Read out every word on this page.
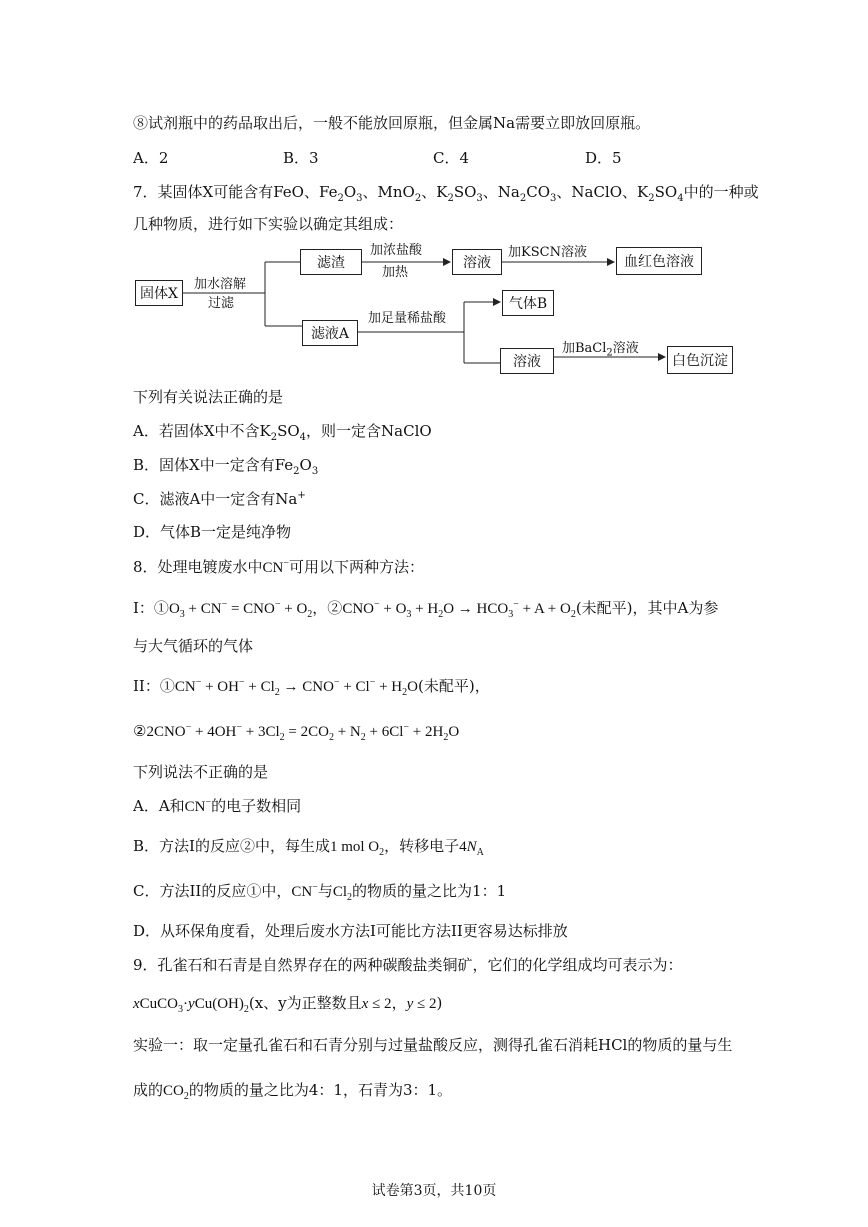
⑧试剂瓶中的药品取出后，一般不能放回原瓶，但金属Na需要立即放回原瓶。
A．2	B．3	C．4	D．5
7．某固体X可能含有FeO、$Fe_2O_3$、MnO$_2$、$K_2SO_3$、$Na_2CO_3$、NaClO、$K_2SO_4$中的一种或
几种物质，进行如下实验以确定其组成：
固体X
加水溶解
过滤
滤渣
加浓盐酸
加热
溶液
加KSCN溶液
血红色溶液
滤液A
加足量稀盐酸
气体B
溶液
加BaCl$_2$溶液
白色沉淀
下列有关说法正确的是
A．若固体X中不含$K_2SO_4$，则一定含NaClO
B．固体X中一定含有$Fe_2O_3$
C．滤液A中一定含有Na+
D．气体B一定是纯净物
8．处理电镀废水中CN−可用以下两种方法：
I：$①O_3 + CN^- = CNO^- + O_2$，②CNO− + $O_3 + H_2O \to HCO_3^- + A + O_2$(未配平)，其中A为参
与大气循环的气体
II：①CN− + $OH^- + Cl_2 \to CNO^- + Cl^- + H_2O$(未配平)，
②2CNO− + $4OH^- + 3Cl_2 = 2CO_2 + N_2 + 6Cl^- + 2H_2O$
下列说法不正确的是
A．A和CN−的电子数相同
B．方法I的反应②中，每生成1 mol $O_2$，转移电子$4N_A$
C．方法II的反应①中，CN−与$Cl_2$的物质的量之比为1：1
D．从环保角度看，处理后废水方法I可能比方法II更容易达标排放
9．孔雀石和石青是自然界存在的两种碳酸盐类铜矿，它们的化学组成均可表示为：
$xCuCO_3\cdot yCu(OH)_2(x$、y为正整数且x ≤ 2，y ≤ 2)
实验一：取一定量孔雀石和石青分别与过量盐酸反应，测得孔雀石消耗HCl的物质的量与生
成的$CO_2$的物质的量之比为4：1，石青为3：1。
试卷第3页，共10页
